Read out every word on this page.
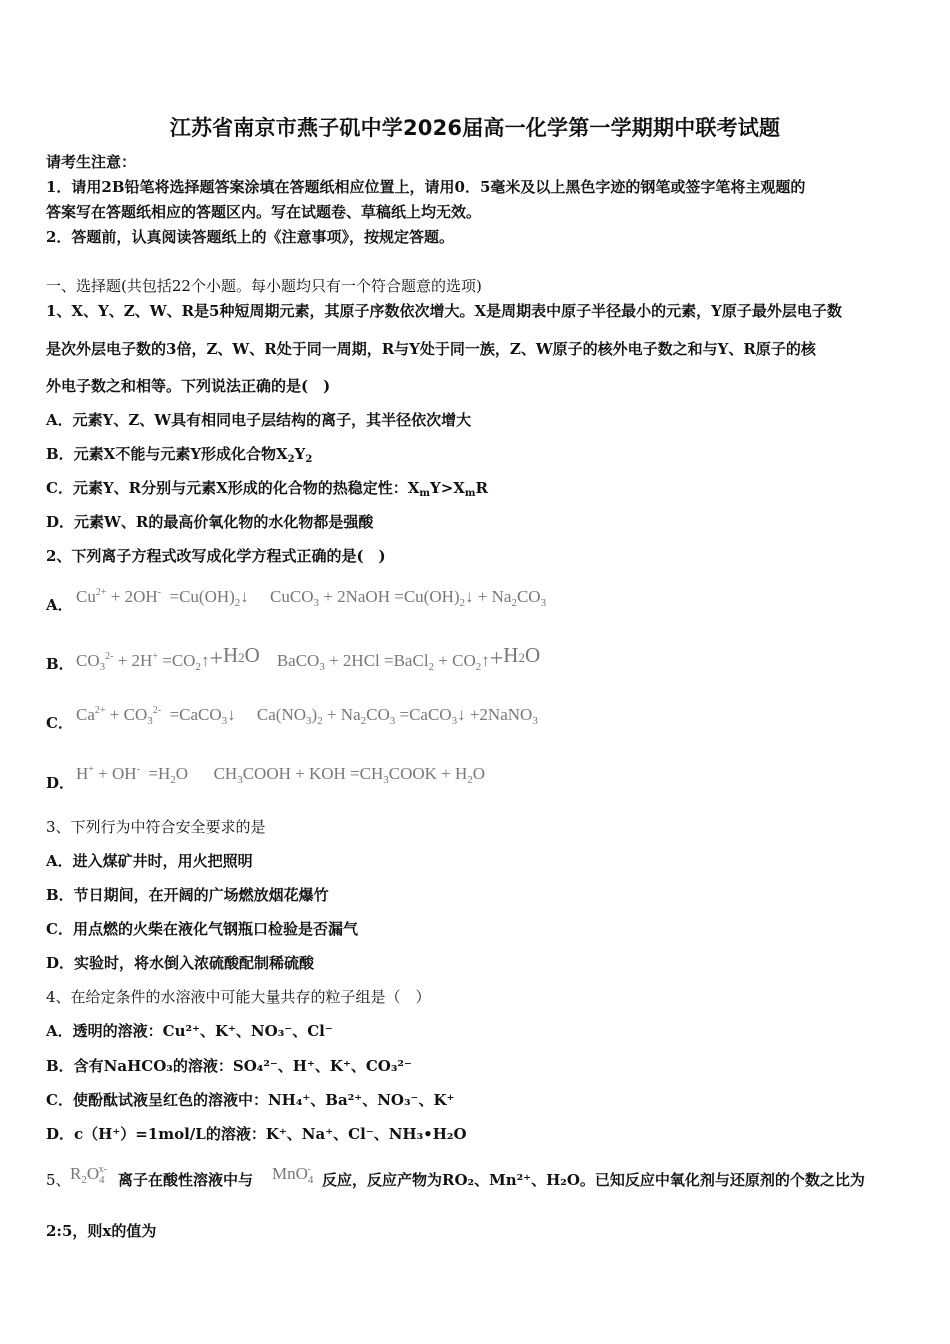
江苏省南京市燕子矶中学2026届高一化学第一学期期中联考试题
请考生注意：
1．请用2B铅笔将选择题答案涂填在答题纸相应位置上，请用0．5毫米及以上黑色字迹的钢笔或签字笔将主观题的
答案写在答题纸相应的答题区内。写在试题卷、草稿纸上均无效。
2．答题前，认真阅读答题纸上的《注意事项》，按规定答题。
一、选择题(共包括22个小题。每小题均只有一个符合题意的选项)
1、X、Y、Z、W、R是5种短周期元素，其原子序数依次增大。X是周期表中原子半径最小的元素，Y原子最外层电子数
是次外层电子数的3倍，Z、W、R处于同一周期，R与Y处于同一族，Z、W原子的核外电子数之和与Y、R原子的核
外电子数之和相等。下列说法正确的是(　)
A．元素Y、Z、W具有相同电子层结构的离子，其半径依次增大
B．元素X不能与元素Y形成化合物$X_2Y_2$
C．元素Y、R分别与元素X形成的化合物的热稳定性：$X_mY>X_mR$
D．元素W、R的最高价氧化物的水化物都是强酸
2、下列离子方程式改写成化学方程式正确的是(　)
A． $Cu^{2+} + 2OH^-$  $=Cu(OH)_2↓$     CuCO$_3$ + 2NaOH $=Cu(OH)_2↓ + Na_2CO_3$
B． $CO_3^{2-} + 2H^+$ $=CO_2↑+H2O$    BaCO$_3$ + 2HCl =BaCl$_2$ + $CO_2↑+H2O$
C． $Ca^{2+} + CO_3^{2-}$  =CaCO$_3$↓     $Ca(NO_3)_2 + Na_2CO_3$ =CaCO$_3$↓ +2NaNO$_3$
D． $H^+ + OH^- =H_2O$      $CH_3COOH$ + KOH $=CH_3COOK + H_2O$
3、下列行为中符合安全要求的是
A．进入煤矿井时，用火把照明
B．节日期间，在开阔的广场燃放烟花爆竹
C．用点燃的火柴在液化气钢瓶口检验是否漏气
D．实验时，将水倒入浓硫酸配制稀硫酸
4、在给定条件的水溶液中可能大量共存的粒子组是（　）
A．透明的溶液：Cu²⁺、K⁺、NO₃⁻、Cl⁻
B．含有NaHCO₃的溶液：SO₄²⁻、H⁺、K⁺、CO₃²⁻
C．使酚酞试液呈红色的溶液中：NH₄⁺、Ba²⁺、NO₃⁻、K⁺
D．c（H⁺）=1mol/L的溶液：K⁺、Na⁺、Cl⁻、NH₃•H₂O
5、 $R_2O_4^{x-}$
离子在酸性溶液中与 MnO$_4$-
反应，反应产物为RO₂、Mn²⁺、H₂O。已知反应中氧化剂与还原剂的个数之比为
2:5，则x的值为
